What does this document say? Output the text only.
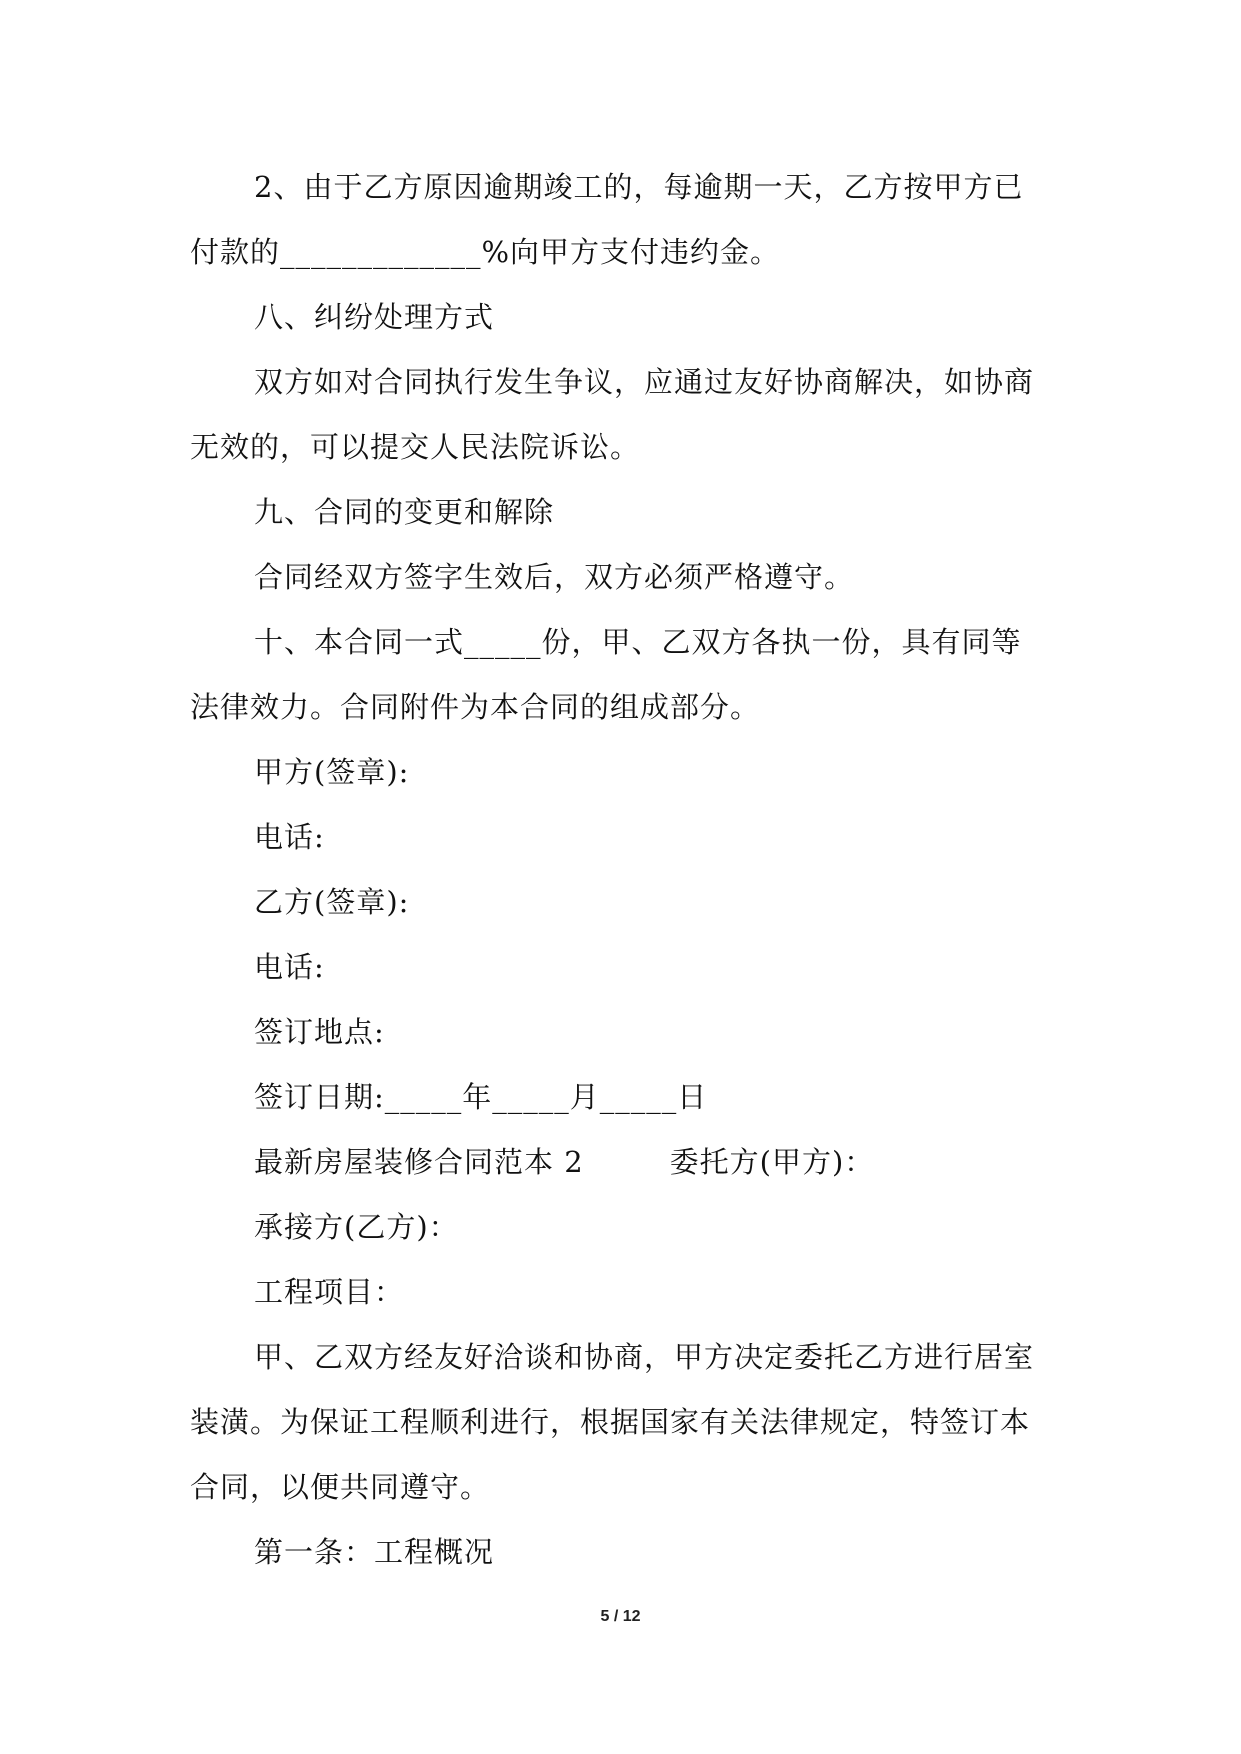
2、由于乙方原因逾期竣工的，每逾期一天，乙方按甲方已
付款的_____________%向甲方支付违约金。
八、纠纷处理方式
双方如对合同执行发生争议，应通过友好协商解决，如协商
无效的，可以提交人民法院诉讼。
九、合同的变更和解除
合同经双方签字生效后，双方必须严格遵守。
十、本合同一式_____份，甲、乙双方各执一份，具有同等
法律效力。合同附件为本合同的组成部分。
甲方(签章):
电话:
乙方(签章):
电话:
签订地点:
签订日期:_____年_____月_____日
最新房屋装修合同范本 2	委托方(甲方)：
承接方(乙方)：
工程项目：
甲、乙双方经友好洽谈和协商，甲方决定委托乙方进行居室
装潢。为保证工程顺利进行，根据国家有关法律规定，特签订本
合同，以便共同遵守。
第一条：工程概况
5 / 12
